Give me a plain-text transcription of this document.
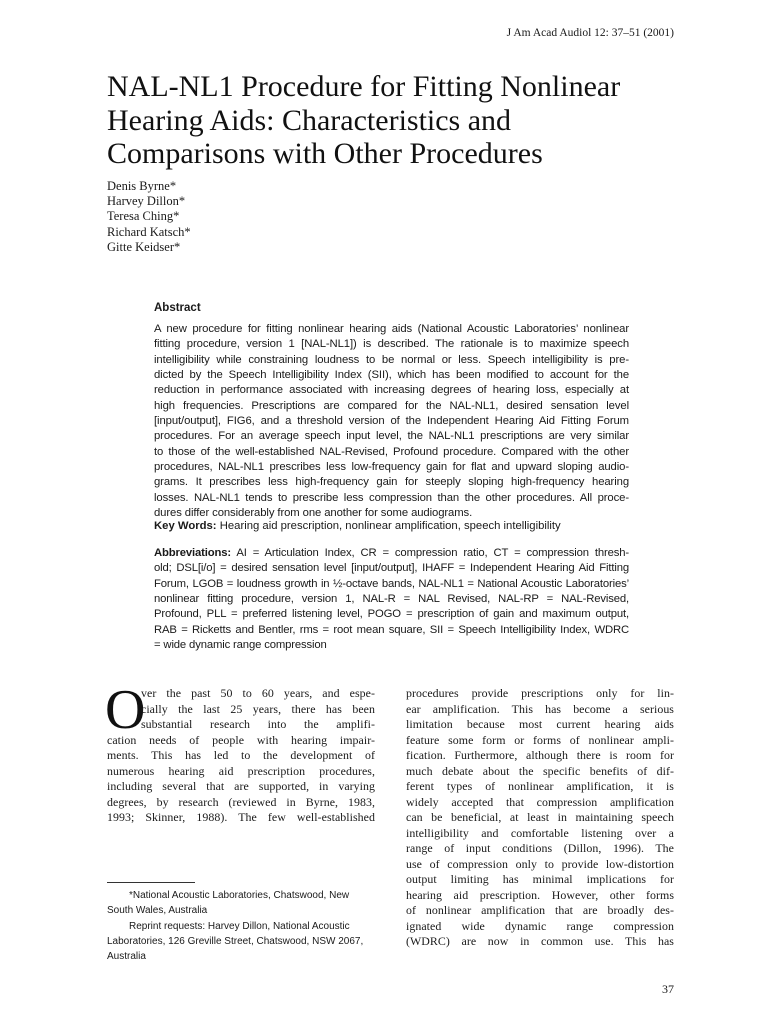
J Am Acad Audiol 12: 37–51 (2001)
NAL-NL1 Procedure for Fitting Nonlinear
Hearing Aids: Characteristics and
Comparisons with Other Procedures
Denis Byrne*
Harvey Dillon*
Teresa Ching*
Richard Katsch*
Gitte Keidser*
Abstract
A new procedure for fitting nonlinear hearing aids (National Acoustic Laboratories’ nonlinear
fitting procedure, version 1 [NAL-NL1]) is described. The rationale is to maximize speech
intelligibility while constraining loudness to be normal or less. Speech intelligibility is pre-
dicted by the Speech Intelligibility Index (SII), which has been modified to account for the
reduction in performance associated with increasing degrees of hearing loss, especially at
high frequencies. Prescriptions are compared for the NAL-NL1, desired sensation level
[input/output], FIG6, and a threshold version of the Independent Hearing Aid Fitting Forum
procedures. For an average speech input level, the NAL-NL1 prescriptions are very similar
to those of the well-established NAL-Revised, Profound procedure. Compared with the other
procedures, NAL-NL1 prescribes less low-frequency gain for flat and upward sloping audio-
grams. It prescribes less high-frequency gain for steeply sloping high-frequency hearing
losses. NAL-NL1 tends to prescribe less compression than the other procedures. All proce-
dures differ considerably from one another for some audiograms.
Key Words: Hearing aid prescription, nonlinear amplification, speech intelligibility
Abbreviations: AI = Articulation Index, CR = compression ratio, CT = compression thresh-
old; DSL[i/o] = desired sensation level [input/output], IHAFF = Independent Hearing Aid Fitting
Forum, LGOB = loudness growth in ½-octave bands, NAL-NL1 = National Acoustic Laboratories’
nonlinear fitting procedure, version 1, NAL-R = NAL Revised, NAL-RP = NAL-Revised,
Profound, PLL = preferred listening level, POGO = prescription of gain and maximum output,
RAB = Ricketts and Bentler, rms = root mean square, SII = Speech Intelligibility Index, WDRC
= wide dynamic range compression
O
ver the past 50 to 60 years, and espe-
cially the last 25 years, there has been
substantial research into the amplifi-
cation needs of people with hearing impair-
ments. This has led to the development of
numerous hearing aid prescription procedures,
including several that are supported, in varying
degrees, by research (reviewed in Byrne, 1983,
1993; Skinner, 1988). The few well-established
procedures provide prescriptions only for lin-
ear amplification. This has become a serious
limitation because most current hearing aids
feature some form or forms of nonlinear ampli-
fication. Furthermore, although there is room for
much debate about the specific benefits of dif-
ferent types of nonlinear amplification, it is
widely accepted that compression amplification
can be beneficial, at least in maintaining speech
intelligibility and comfortable listening over a
range of input conditions (Dillon, 1996). The
use of compression only to provide low-distortion
output limiting has minimal implications for
hearing aid prescription. However, other forms
of nonlinear amplification that are broadly des-
ignated wide dynamic range compression
(WDRC) are now in common use. This has
*National Acoustic Laboratories, Chatswood, New
South Wales, Australia
Reprint requests: Harvey Dillon, National Acoustic
Laboratories, 126 Greville Street, Chatswood, NSW 2067,
Australia
37
